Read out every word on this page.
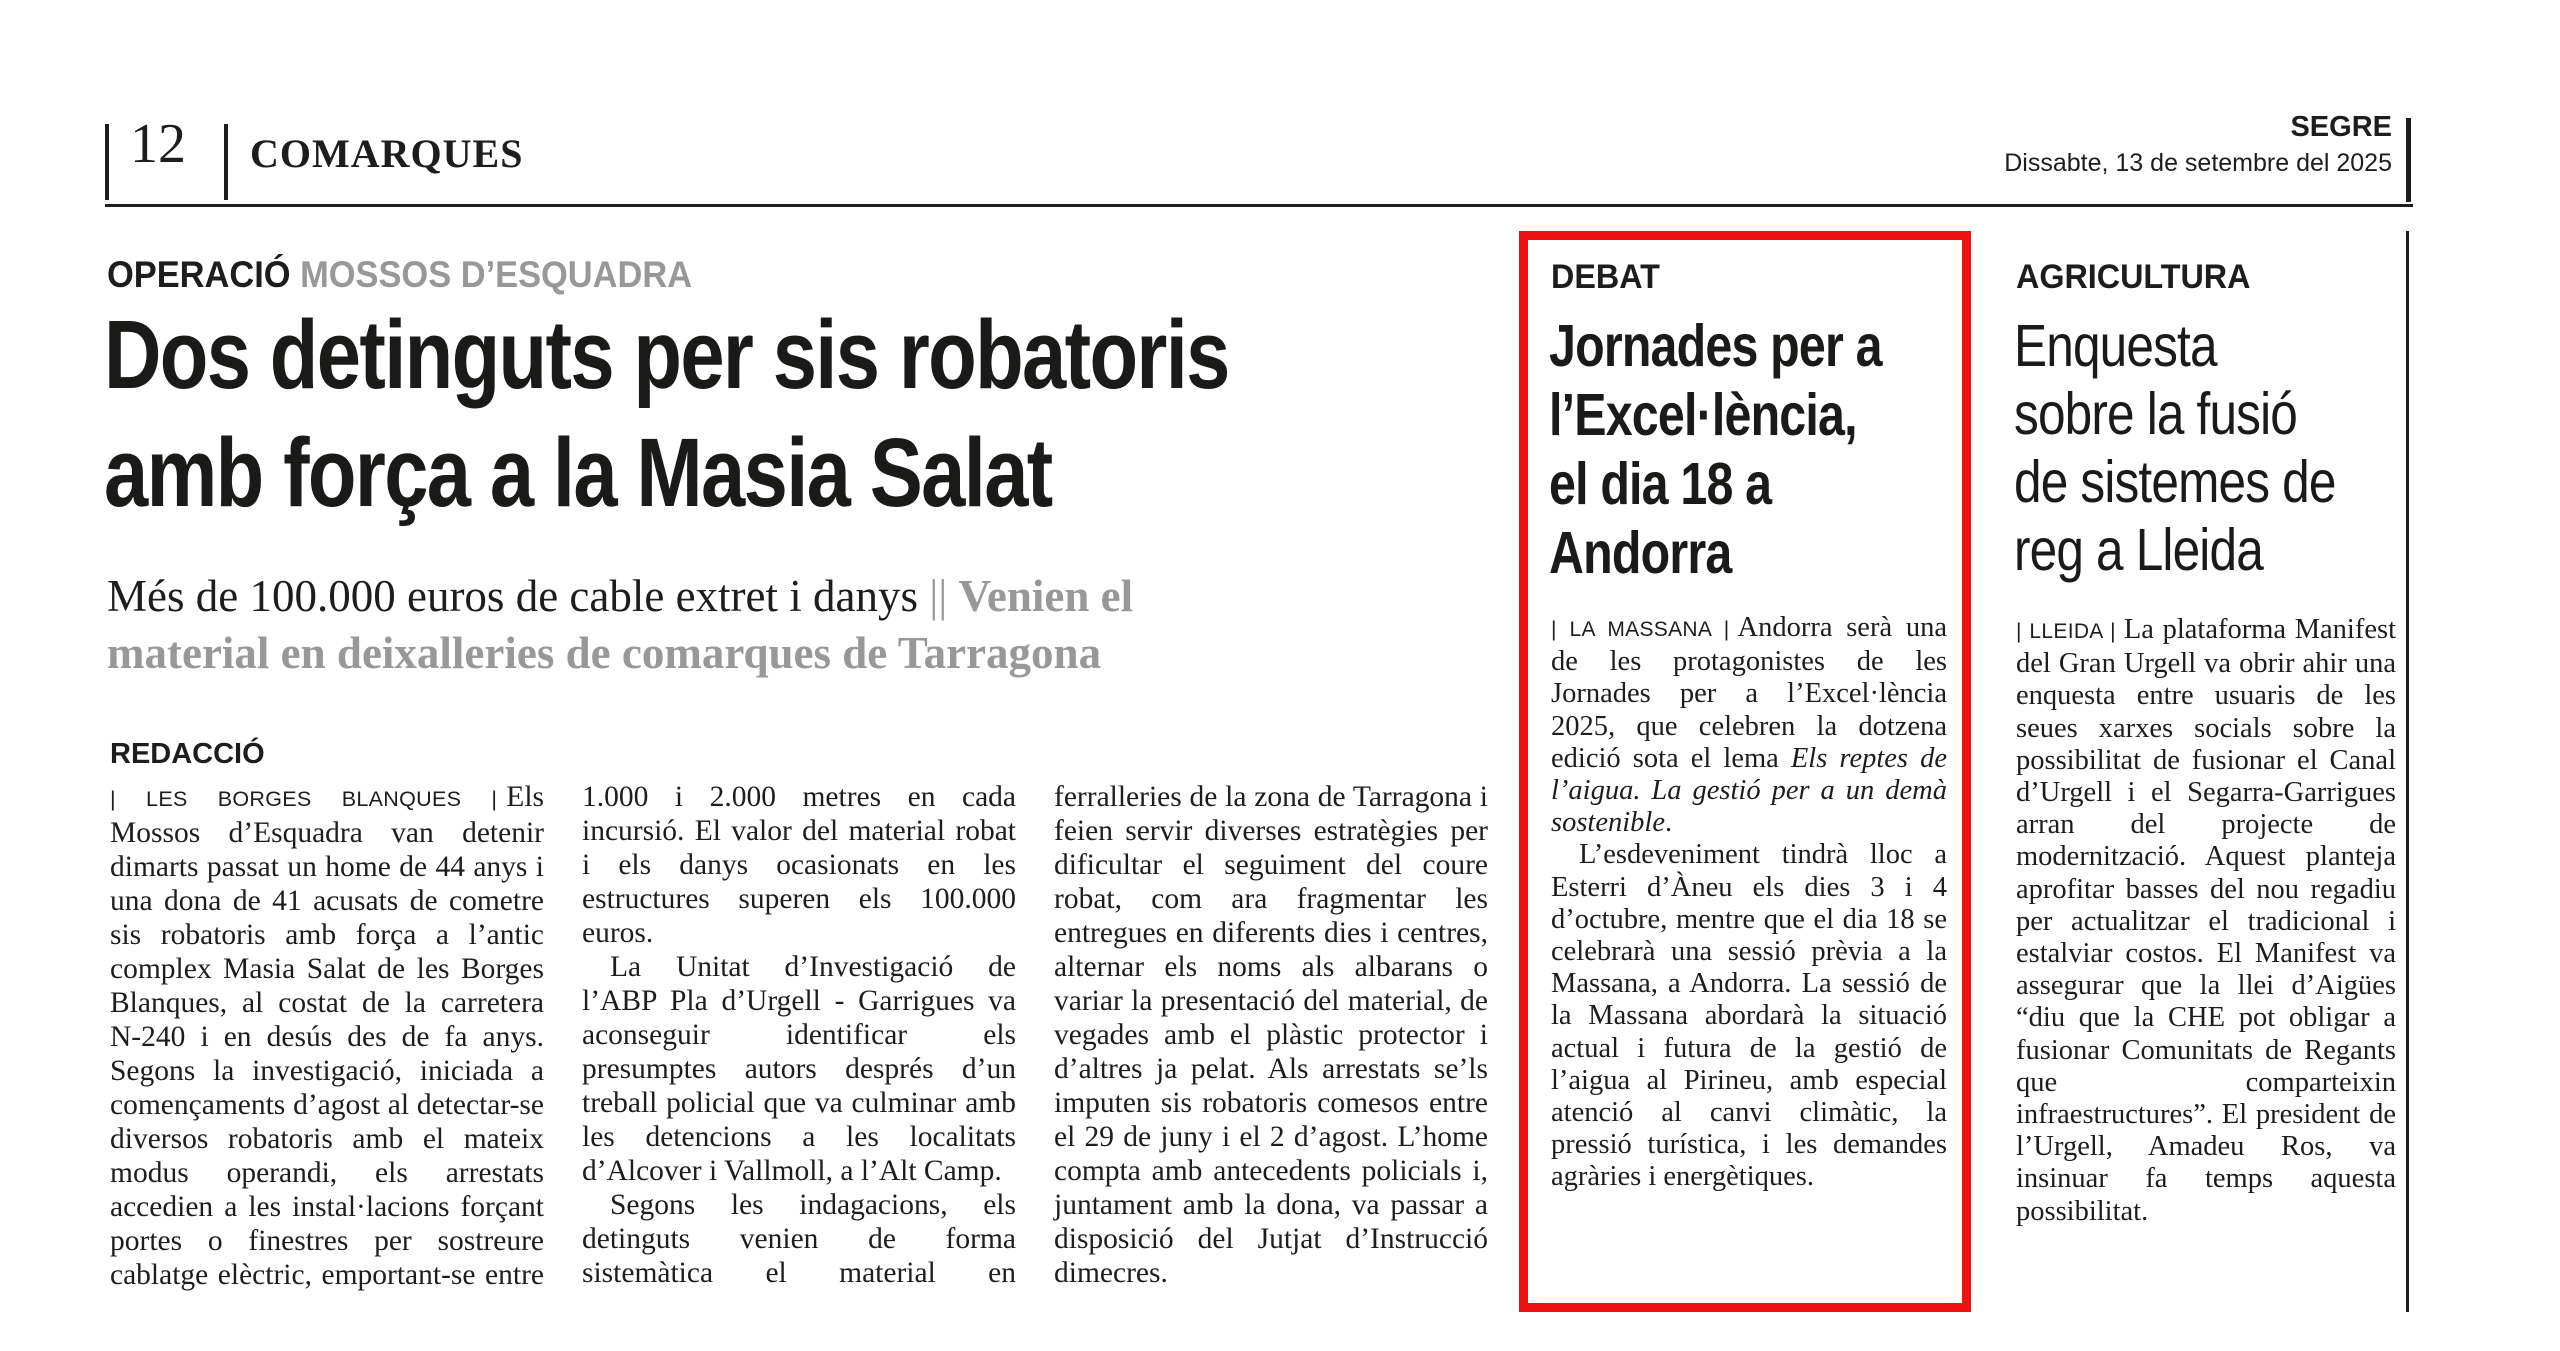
12 COMARQUES
SEGRE
Dissabte, 13 de setembre del 2025
OPERACIÓ MOSSOS D’ESQUADRA
Dos detinguts per sis robatoris
amb força a la Masia Salat
Més de 100.000 euros de cable extret i danys || Venien el
material en deixalleries de comarques de Tarragona
REDACCIÓ

| LES BORGES BLANQUES | Els Mossos d’Esquadra van detenir dimarts passat un home de 44 anys i una dona de 41 acusats de cometre sis robatoris amb força a l’antic complex Masia Salat de les Borges Blanques, al costat de la carretera N-240 i en desús des de fa anys. Segons la investigació, iniciada a començaments d’agost al detectar-se diversos robatoris amb el mateix modus operandi, els arrestats accedien a les instal·lacions forçant portes o finestres per sostreure cablatge elèctric, emportant-se entre 1.000 i 2.000 metres en cada incursió. El valor del material robat i els danys ocasionats en les estructures superen els 100.000 euros.

La Unitat d’Investigació de l’ABP Pla d’Urgell - Garrigues va aconseguir identificar els presumptes autors després d’un treball policial que va culminar amb les detencions a les localitats d’Alcover i Vallmoll, a l’Alt Camp.

Segons les indagacions, els detinguts venien de forma sistemàtica el material en ferralleries de la zona de Tarragona i feien servir diverses estratègies per dificultar el seguiment del coure robat, com ara fragmentar les entregues en diferents dies i centres, alternar els noms als albarans o variar la presentació del material, de vegades amb el plàstic protector i d’altres ja pelat. Als arrestats se’ls imputen sis robatoris comesos entre el 29 de juny i el 2 d’agost. L’home compta amb antecedents policials i, juntament amb la dona, va passar a disposició del Jutjat d’Instrucció dimecres.

DEBAT
Jornades per a
l’Excel·lència,
el dia 18 a
Andorra

| LA MASSANA | Andorra serà una de les protagonistes de les Jornades per a l’Excel·lència 2025, que celebren la dotzena edició sota el lema Els reptes de l’aigua. La gestió per a un demà sostenible.

L’esdeveniment tindrà lloc a Esterri d’Àneu els dies 3 i 4 d’octubre, mentre que el dia 18 se celebrarà una sessió prèvia a la Massana, a Andorra. La sessió de la Massana abordarà la situació actual i futura de la gestió de l’aigua al Pirineu, amb especial atenció al canvi climàtic, la pressió turística, i les demandes agràries i energètiques.

AGRICULTURA
Enquesta
sobre la fusió
de sistemes de
reg a Lleida

| LLEIDA | La plataforma Manifest del Gran Urgell va obrir ahir una enquesta entre usuaris de les seues xarxes socials sobre la possibilitat de fusionar el Canal d’Urgell i el Segarra-Garrigues arran del projecte de modernització. Aquest planteja aprofitar basses del nou regadiu per actualitzar el tradicional i estalviar costos. El Manifest va assegurar que la llei d’Aigües “diu que la CHE pot obligar a fusionar Comunitats de Regants que comparteixin infraestructures”. El president de l’Urgell, Amadeu Ros, va insinuar fa temps aquesta possibilitat.
